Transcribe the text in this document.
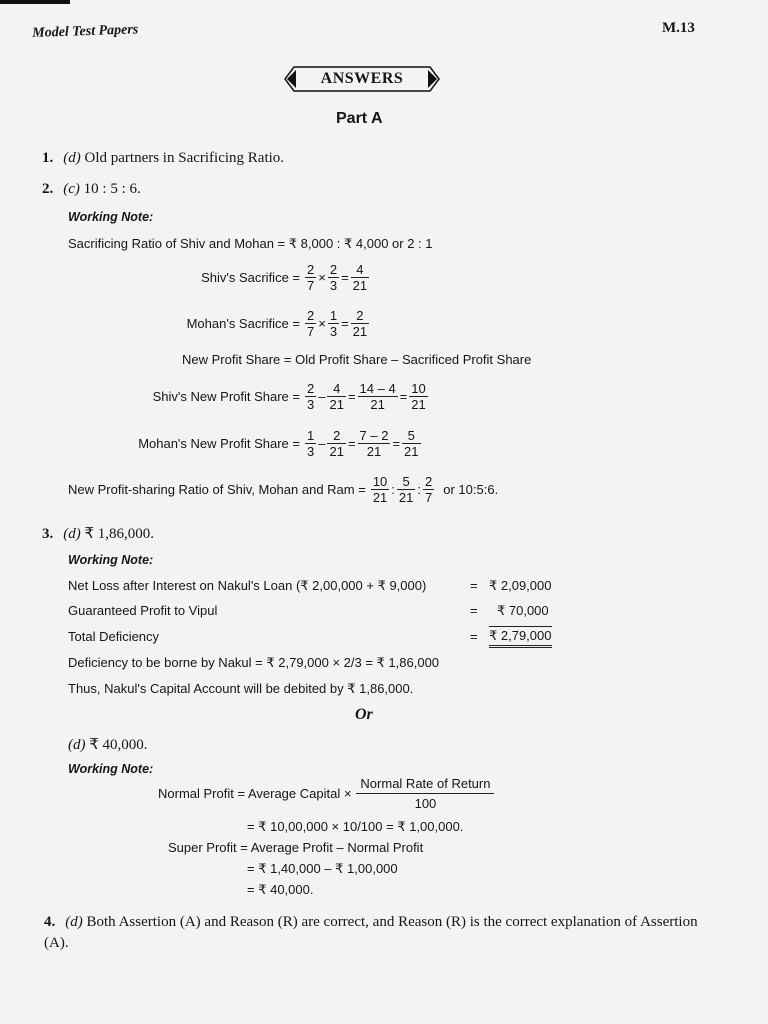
Model Test Papers	M.13
ANSWERS
Part A
1. (d) Old partners in Sacrificing Ratio.
2. (c) 10 : 5 : 6.
Working Note:
Sacrificing Ratio of Shiv and Mohan = ₹ 8,000 : ₹ 4,000 or 2 : 1
Shiv's Sacrifice = $\frac{2}{7} \times \frac{2}{3} = \frac{4}{21}$
Mohan's Sacrifice = $\frac{2}{7} \times \frac{1}{3} = \frac{2}{21}$
New Profit Share = Old Profit Share – Sacrificed Profit Share
Shiv's New Profit Share = $\frac{2}{3} - \frac{4}{21} = \frac{14 - 4}{21} = \frac{10}{21}$
Mohan's New Profit Share = $\frac{1}{3} - \frac{2}{21} = \frac{7 - 2}{21} = \frac{5}{21}$
New Profit-sharing Ratio of Shiv, Mohan and Ram = $\frac{10}{21}$ : $\frac{5}{21}$ : $\frac{2}{7}$ or 10:5:6.
3. (d) ₹ 1,86,000.
Working Note:
Net Loss after Interest on Nakul's Loan (₹ 2,00,000 + ₹ 9,000)	= ₹ 2,09,000
Guaranteed Profit to Vipul	= ₹ 70,000
Total Deficiency	= ₹ 2,79,000
Deficiency to be borne by Nakul = ₹ 2,79,000 × 2/3 = ₹ 1,86,000
Thus, Nakul's Capital Account will be debited by ₹ 1,86,000.
Or
(d) ₹ 40,000.
Working Note:
Normal Profit = Average Capital × $\frac{\text{Normal Rate of Return}}{100}$
= ₹ 10,00,000 × 10/100 = ₹ 1,00,000.
Super Profit = Average Profit – Normal Profit
= ₹ 1,40,000 – ₹ 1,00,000
= ₹ 40,000.
4. (d) Both Assertion (A) and Reason (R) are correct, and Reason (R) is the correct explanation of Assertion (A).
